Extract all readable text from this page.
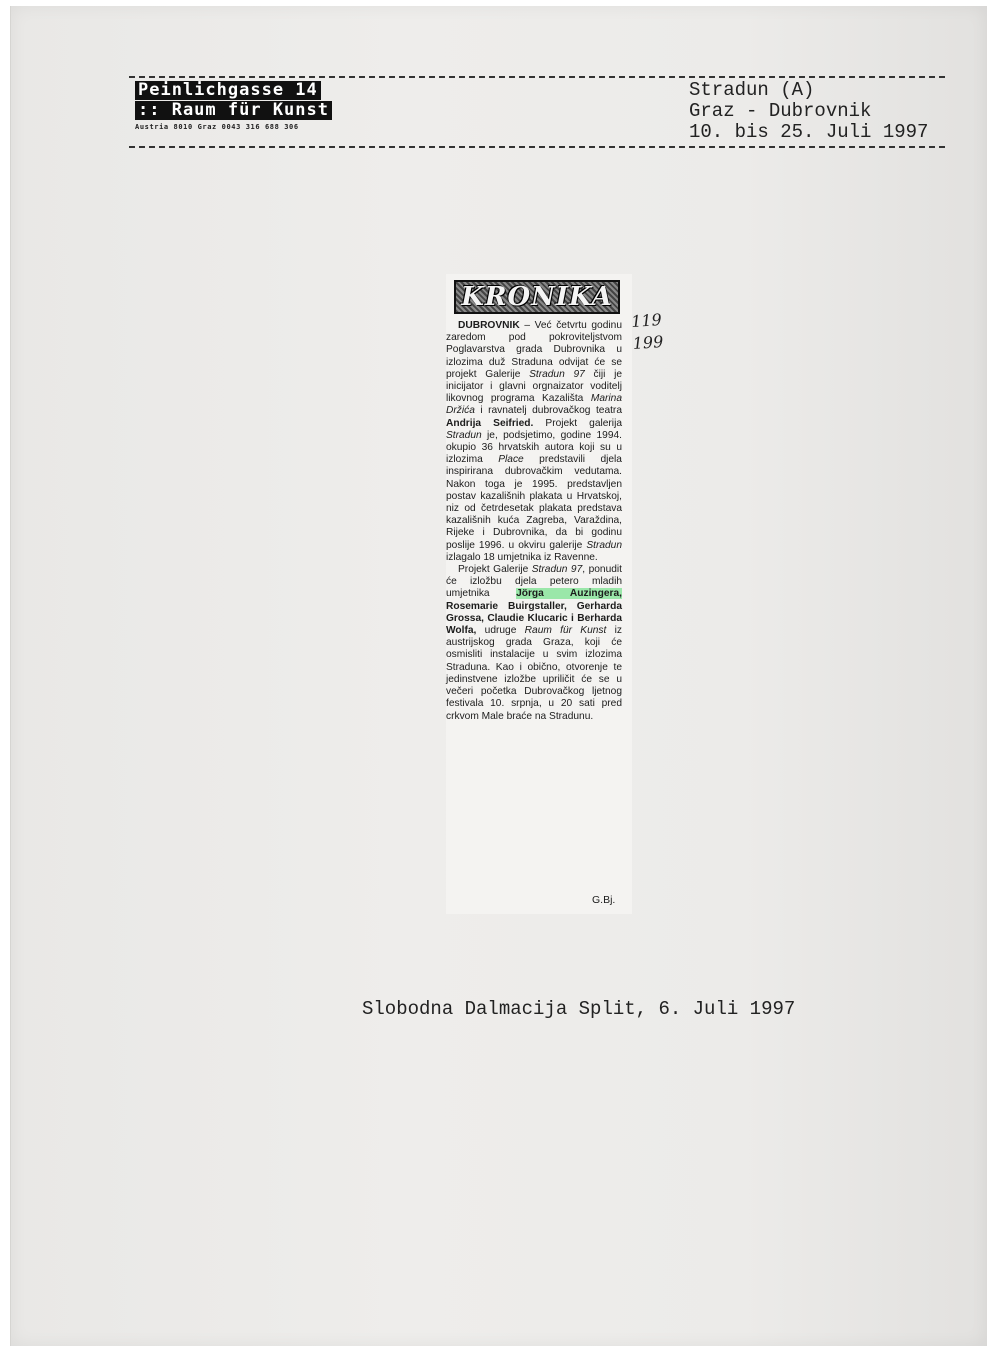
Peinlichgasse 14
:: Raum für Kunst
Austria 8010 Graz 0043 316 688 306
Stradun (A)
Graz - Dubrovnik
10. bis 25. Juli 1997
KRONIKA

DUBROVNIK – Već četvrtu godinu zaredom pod pokroviteljstvom Poglavarstva grada Dubrovnika u izlozima duž Straduna odvijat će se projekt Galerije Stradun 97 čiji je inicijator i glavni orgnaizator voditelj likovnog programa Kazališta Marina Držića i ravnatelj dubrovačkog teatra Andrija Seifried. Projekt galerija Stradun je, podsjetimo, godine 1994. okupio 36 hrvatskih autora koji su u izlozima Place predstavili djela inspirirana dubrovačkim vedutama. Nakon toga je 1995. predstavljen postav kazališnih plakata u Hrvatskoj, niz od četrdesetak plakata predstava kazališnih kuća Zagreba, Varaždina, Rijeke i Dubrovnika, da bi godinu poslije 1996. u okviru galerije Stradun izlagalo 18 umjetnika iz Ravenne.

Projekt Galerije Stradun 97, ponudit će izložbu djela petero mladih umjetnika Jörga Auzingera, Rosemarie Buirgstaller, Gerharda Grossa, Claudie Klucaric i Berharda Wolfa, udruge Raum für Kunst iz austrijskog grada Graza, koji će osmisliti instalacije u svim izlozima Straduna. Kao i obično, otvorenje te jedinstvene izložbe upriličit će se u večeri početka Dubrovačkog ljetnog festivala 10. srpnja, u 20 sati pred crkvom Male braće na Stradunu.

G.Bj.
119
199
Slobodna Dalmacija Split, 6. Juli 1997
